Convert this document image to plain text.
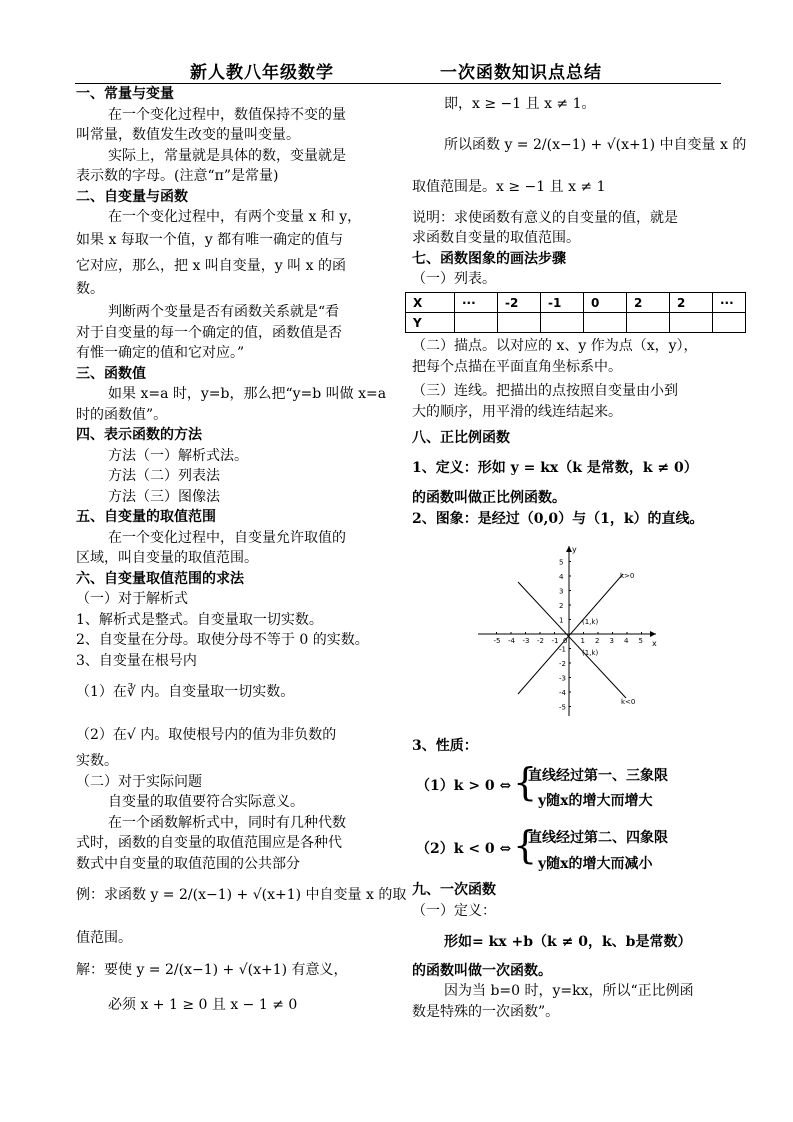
新人教八年级数学	一次函数知识点总结
一、常量与变量
在一个变化过程中，数值保持不变的量
叫常量，数值发生改变的量叫变量。
实际上，常量就是具体的数，变量就是
表示数的字母。(注意“π”是常量)
二、自变量与函数
在一个变化过程中，有两个变量 x 和 y，
如果 x 每取一个值，y 都有唯一确定的值与
它对应，那么，把 x 叫自变量，y 叫 x 的函
数。
判断两个变量是否有函数关系就是“看
对于自变量的每一个确定的值，函数值是否
有惟一确定的值和它对应。”
三、函数值
如果 x=a 时，y=b，那么把“y=b 叫做 x=a
时的函数值”。
四、表示函数的方法
方法（一）解析式法。
方法（二）列表法
方法（三）图像法
五、自变量的取值范围
在一个变化过程中，自变量允许取值的
区域，叫自变量的取值范围。
六、自变量取值范围的求法
（一）对于解析式
1、解析式是整式。自变量取一切实数。
2、自变量在分母。取使分母不等于 0 的实数。
3、自变量在根号内
（1）在∛ 内。自变量取一切实数。
（2）在√ 内。取使根号内的值为非负数的
实数。
（二）对于实际问题
自变量的取值要符合实际意义。
在一个函数解析式中，同时有几种代数
式时，函数的自变量的取值范围应是各种代
数式中自变量的取值范围的公共部分
例：求函数 y = 2/(x−1) + √(x+1) 中自变量 x 的取
值范围。
解：要使 y = 2/(x−1) + √(x+1) 有意义，
必须 x + 1 ≥ 0 且 x − 1 ≠ 0
即，x ≥ −1 且 x ≠ 1。
所以函数 y = 2/(x−1) + √(x+1) 中自变量 x 的
取值范围是。x ≥ −1 且 x ≠ 1
说明：求使函数有意义的自变量的值，就是
求函数自变量的取值范围。
七、函数图象的画法步骤
（一）列表。
X	···	-2	-1	0	2	2	···
Y							
（二）描点。以对应的 x、y 作为点（x，y），
把每个点描在平面直角坐标系中。
（三）连线。把描出的点按照自变量由小到
大的顺序，用平滑的线连结起来。
八、正比例函数
1、定义：形如 y = kx（k 是常数，k ≠ 0）
的函数叫做正比例函数。
2、图象：是经过（0,0）与（1，k）的直线。
x
y
0
k>0
k<0
(1,k)
(1,k)
-5 -4 -3 -2 -1	1 2 3 4 5
5
4
3
2
1
-1
-2
-3
-4
-5
3、性质：
（1）k > 0 ⇔ {
直线经过第一、三象限
y随x的增大而增大
（2）k < 0 ⇔ {
直线经过第二、四象限
y随x的增大而减小
九、一次函数
（一）定义：
形如= kx +b（k ≠ 0，k、b是常数）
的函数叫做一次函数。
因为当 b=0 时，y=kx，所以“正比例函
数是特殊的一次函数”。
